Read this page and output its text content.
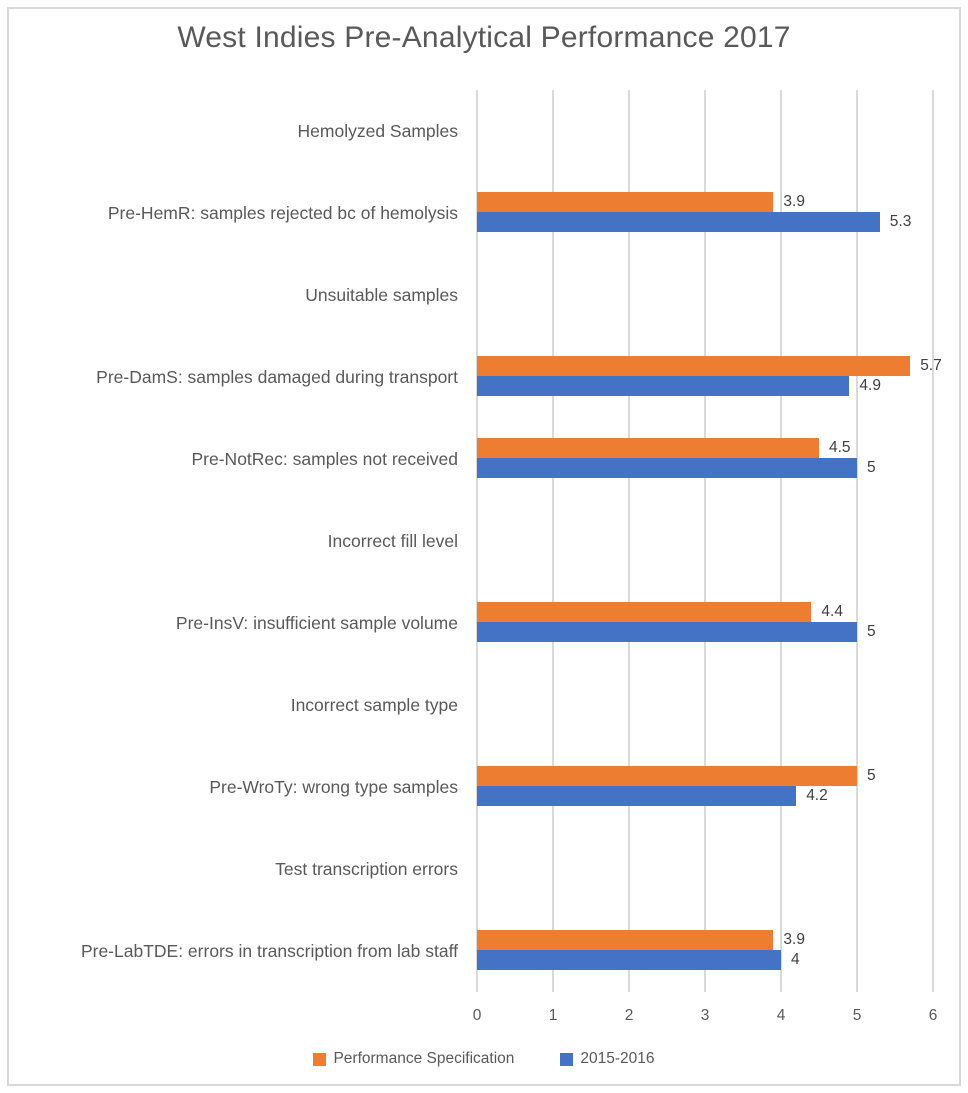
West Indies Pre-Analytical Performance 2017
Hemolyzed Samples
Pre-HemR: samples rejected bc of hemolysis
Unsuitable samples
Pre-DamS: samples damaged during transport
Pre-NotRec: samples not received
Incorrect fill level
Pre-InsV: insufficient sample volume
Incorrect sample type
Pre-WroTy: wrong type samples
Test transcription errors
Pre-LabTDE: errors in transcription from lab staff
3.9
5.3
5.7
4.9
4.5
5
4.4
5
5
4.2
3.9
4
0	1	2	3	4	5	6
Performance Specification	2015-2016
